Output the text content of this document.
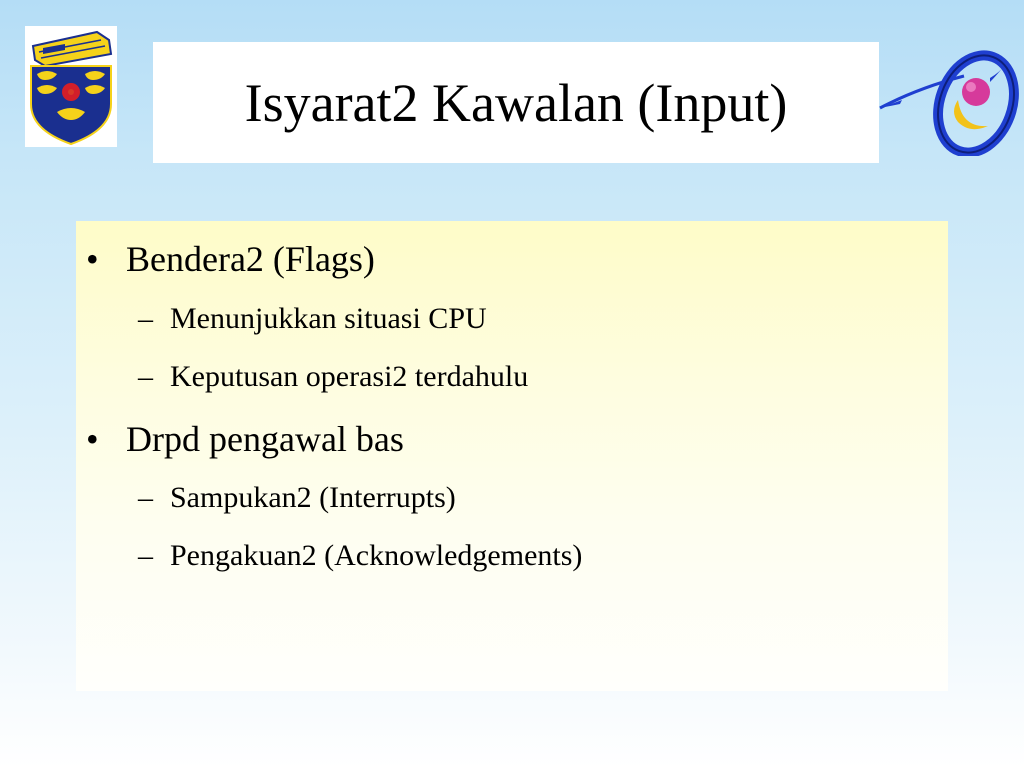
Isyarat2 Kawalan (Input)
• Bendera2 (Flags)
– Menunjukkan situasi CPU
– Keputusan operasi2 terdahulu
• Drpd pengawal bas
– Sampukan2 (Interrupts)
– Pengakuan2 (Acknowledgements)
